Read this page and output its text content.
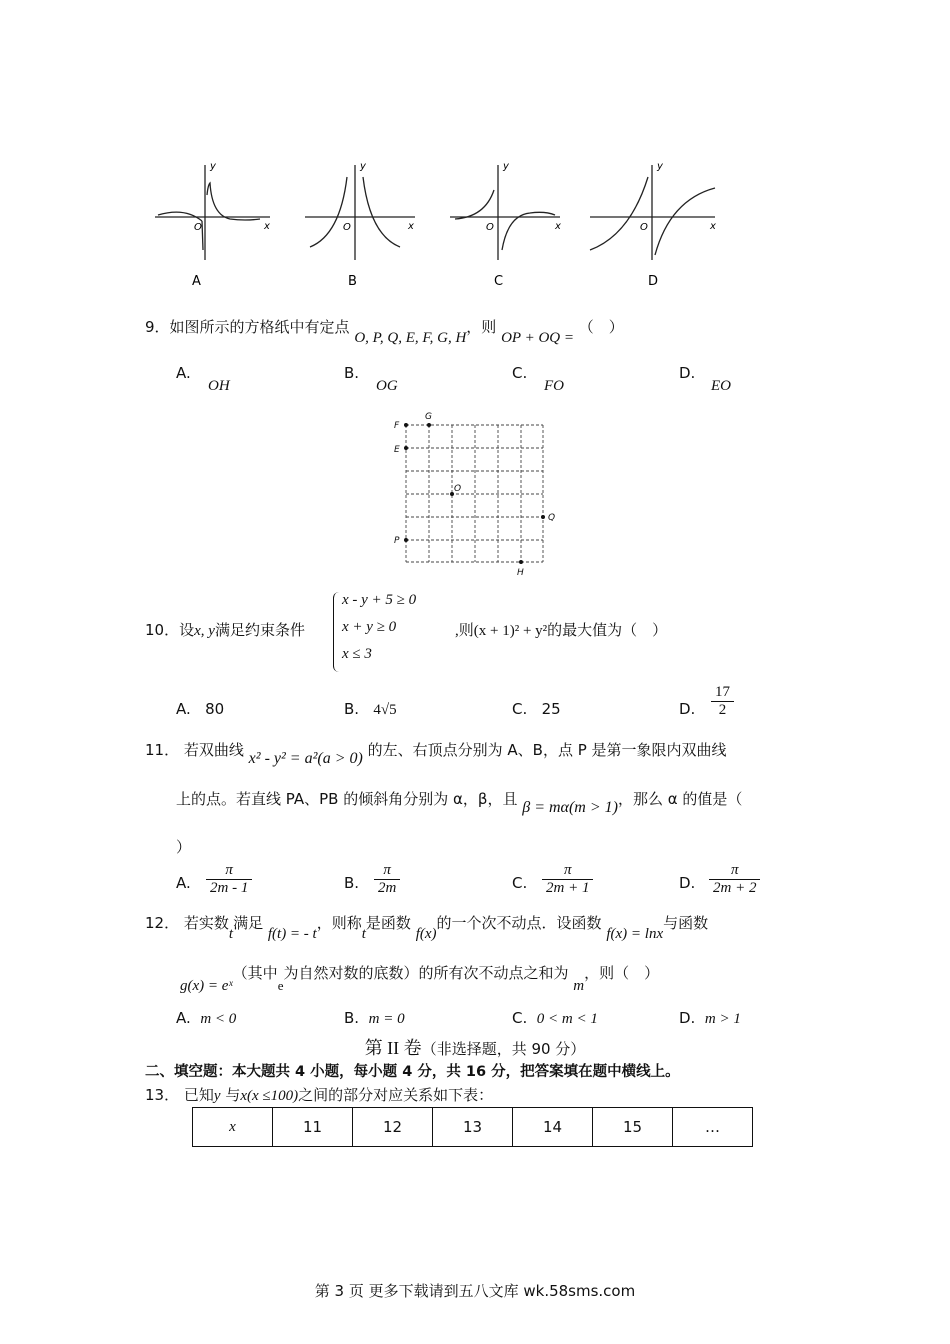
y
x
O
A
y
x
O
B
y
x
O
C
y
x
O
D
9．如图所示的方格纸中有定点 O, P, Q, E, F, G, H，则 OP + OQ = （　）
A.
OH
B.
OG
C.
FO
D.
EO
F
G
E
O
Q
P
H
10．设x, y满足约束条件
x - y + 5 ≥ 0
x + y ≥ 0
x ≤ 3
,则(x + 1)² + y²的最大值为（　）
A. 80	B. 4√5	C. 25	D. $\frac{17}{2}$
11． 若双曲线 x² - y² = a²(a > 0) 的左、右顶点分别为 A、B，点 P 是第一象限内双曲线
上的点。若直线 PA、PB 的倾斜角分别为 α，β，且 β = mα(m > 1)，那么 α 的值是（
）
A. $\frac{\pi}{2m - 1}$	B. $\frac{\pi}{2m}$	C. $\frac{\pi}{2m + 1}$	D. $\frac{\pi}{2m + 2}$
12． 若实数t满足 f(t) = - t，则称t是函数 f(x)的一个次不动点．设函数 f(x) = lnx与函数
g(x) = eˣ（其中e为自然对数的底数）的所有次不动点之和为 m，则（　）
A. m < 0	B. m = 0	C. 0 < m < 1	D. m > 1
第 II 卷（非选择题，共 90 分）
二、填空题：本大题共 4 小题，每小题 4 分，共 16 分，把答案填在题中横线上。
13． 已知y 与x(x ≤100)之间的部分对应关系如下表：
x	11	12	13	14	15	…
第 3 页 更多下载请到五八文库 wk.58sms.com
